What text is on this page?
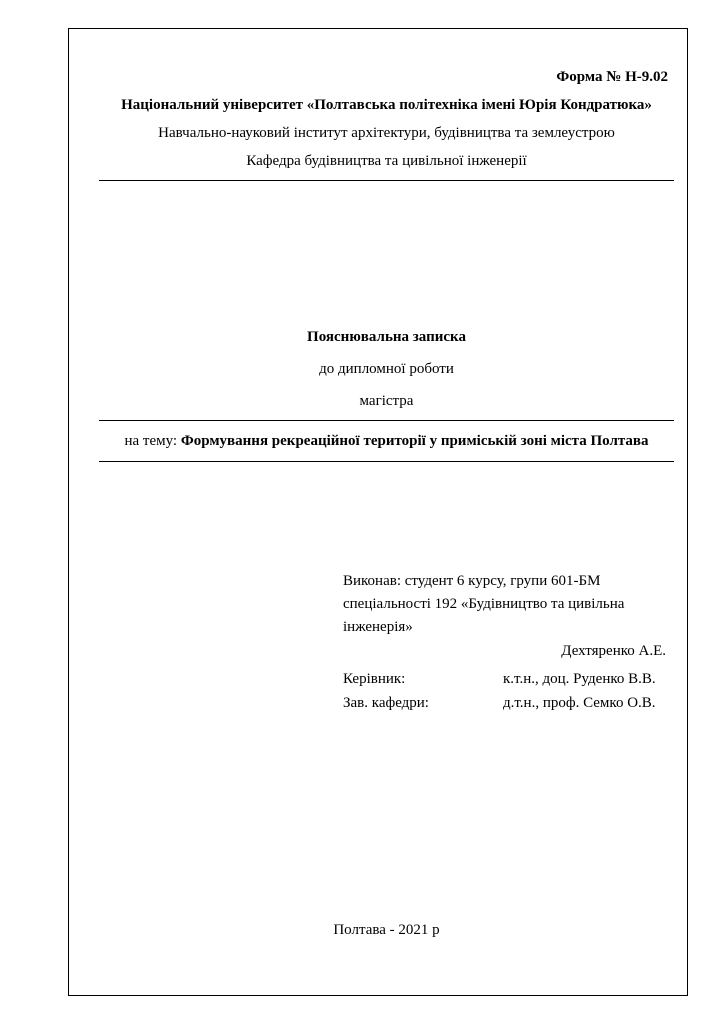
Форма № Н-9.02
Національний університет «Полтавська політехніка імені Юрія Кондратюка»
Навчально-науковий інститут архітектури, будівництва та землеустрою
Кафедра будівництва та цивільної інженерії
Пояснювальна записка
до дипломної роботи
магістра
на тему: Формування рекреаційної території у приміській зоні міста Полтава
Виконав: студент 6 курсу, групи 601-БМ
спеціальності 192 «Будівництво та цивільна
інженерія»
Дехтяренко А.Е.
Керівник:	к.т.н., доц. Руденко В.В.
Зав. кафедри:	д.т.н., проф. Семко О.В.
Полтава - 2021 р
